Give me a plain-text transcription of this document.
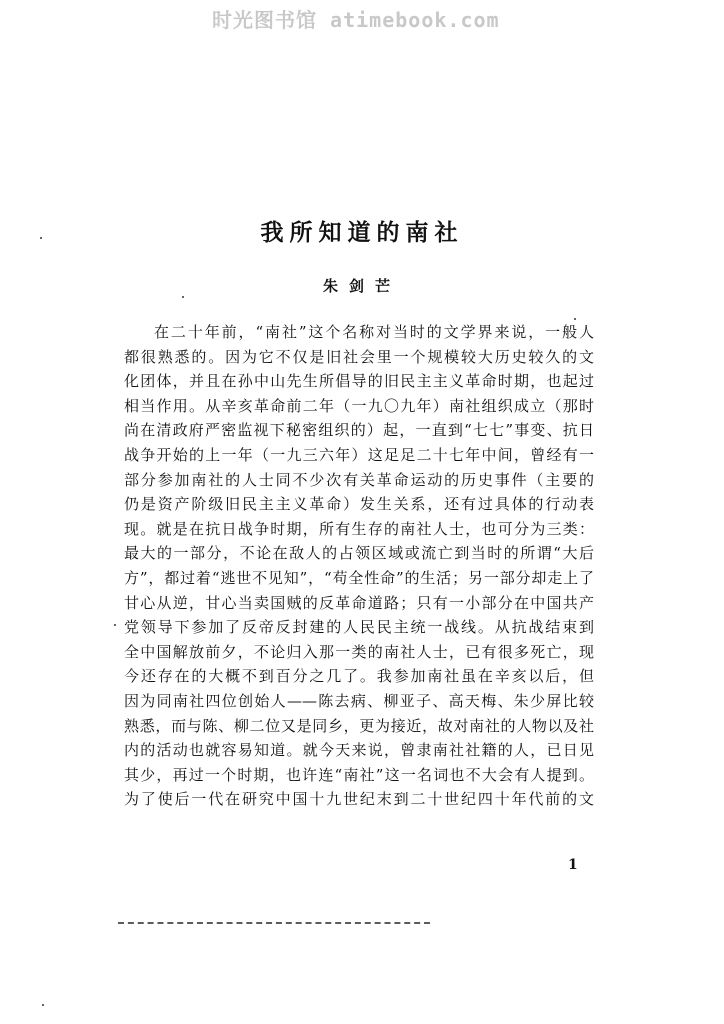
时光图书馆 atimebook.com
我所知道的南社
朱剑芒
在二十年前，“南社”这个名称对当时的文学界来说，一般人
都很熟悉的。因为它不仅是旧社会里一个规模较大历史较久的文
化团体，并且在孙中山先生所倡导的旧民主主义革命时期，也起过
相当作用。从辛亥革命前二年（一九〇九年）南社组织成立（那时
尚在清政府严密监视下秘密组织的）起，一直到“七七”事变、抗日
战争开始的上一年（一九三六年）这足足二十七年中间，曾经有一
部分参加南社的人士同不少次有关革命运动的历史事件（主要的
仍是资产阶级旧民主主义革命）发生关系，还有过具体的行动表
现。就是在抗日战争时期，所有生存的南社人士，也可分为三类：
最大的一部分，不论在敌人的占领区域或流亡到当时的所谓“大后
方”，都过着“逃世不见知”，“苟全性命”的生活；另一部分却走上了
甘心从逆，甘心当卖国贼的反革命道路；只有一小部分在中国共产
党领导下参加了反帝反封建的人民民主统一战线。从抗战结束到
全中国解放前夕，不论归入那一类的南社人士，已有很多死亡，现
今还存在的大概不到百分之几了。我参加南社虽在辛亥以后，但
因为同南社四位创始人——陈去病、柳亚子、高天梅、朱少屏比较
熟悉，而与陈、柳二位又是同乡，更为接近，故对南社的人物以及社
内的活动也就容易知道。就今天来说，曾隶南社社籍的人，已日见
其少，再过一个时期，也许连“南社”这一名词也不大会有人提到。
为了使后一代在研究中国十九世纪末到二十世纪四十年代前的文
1
